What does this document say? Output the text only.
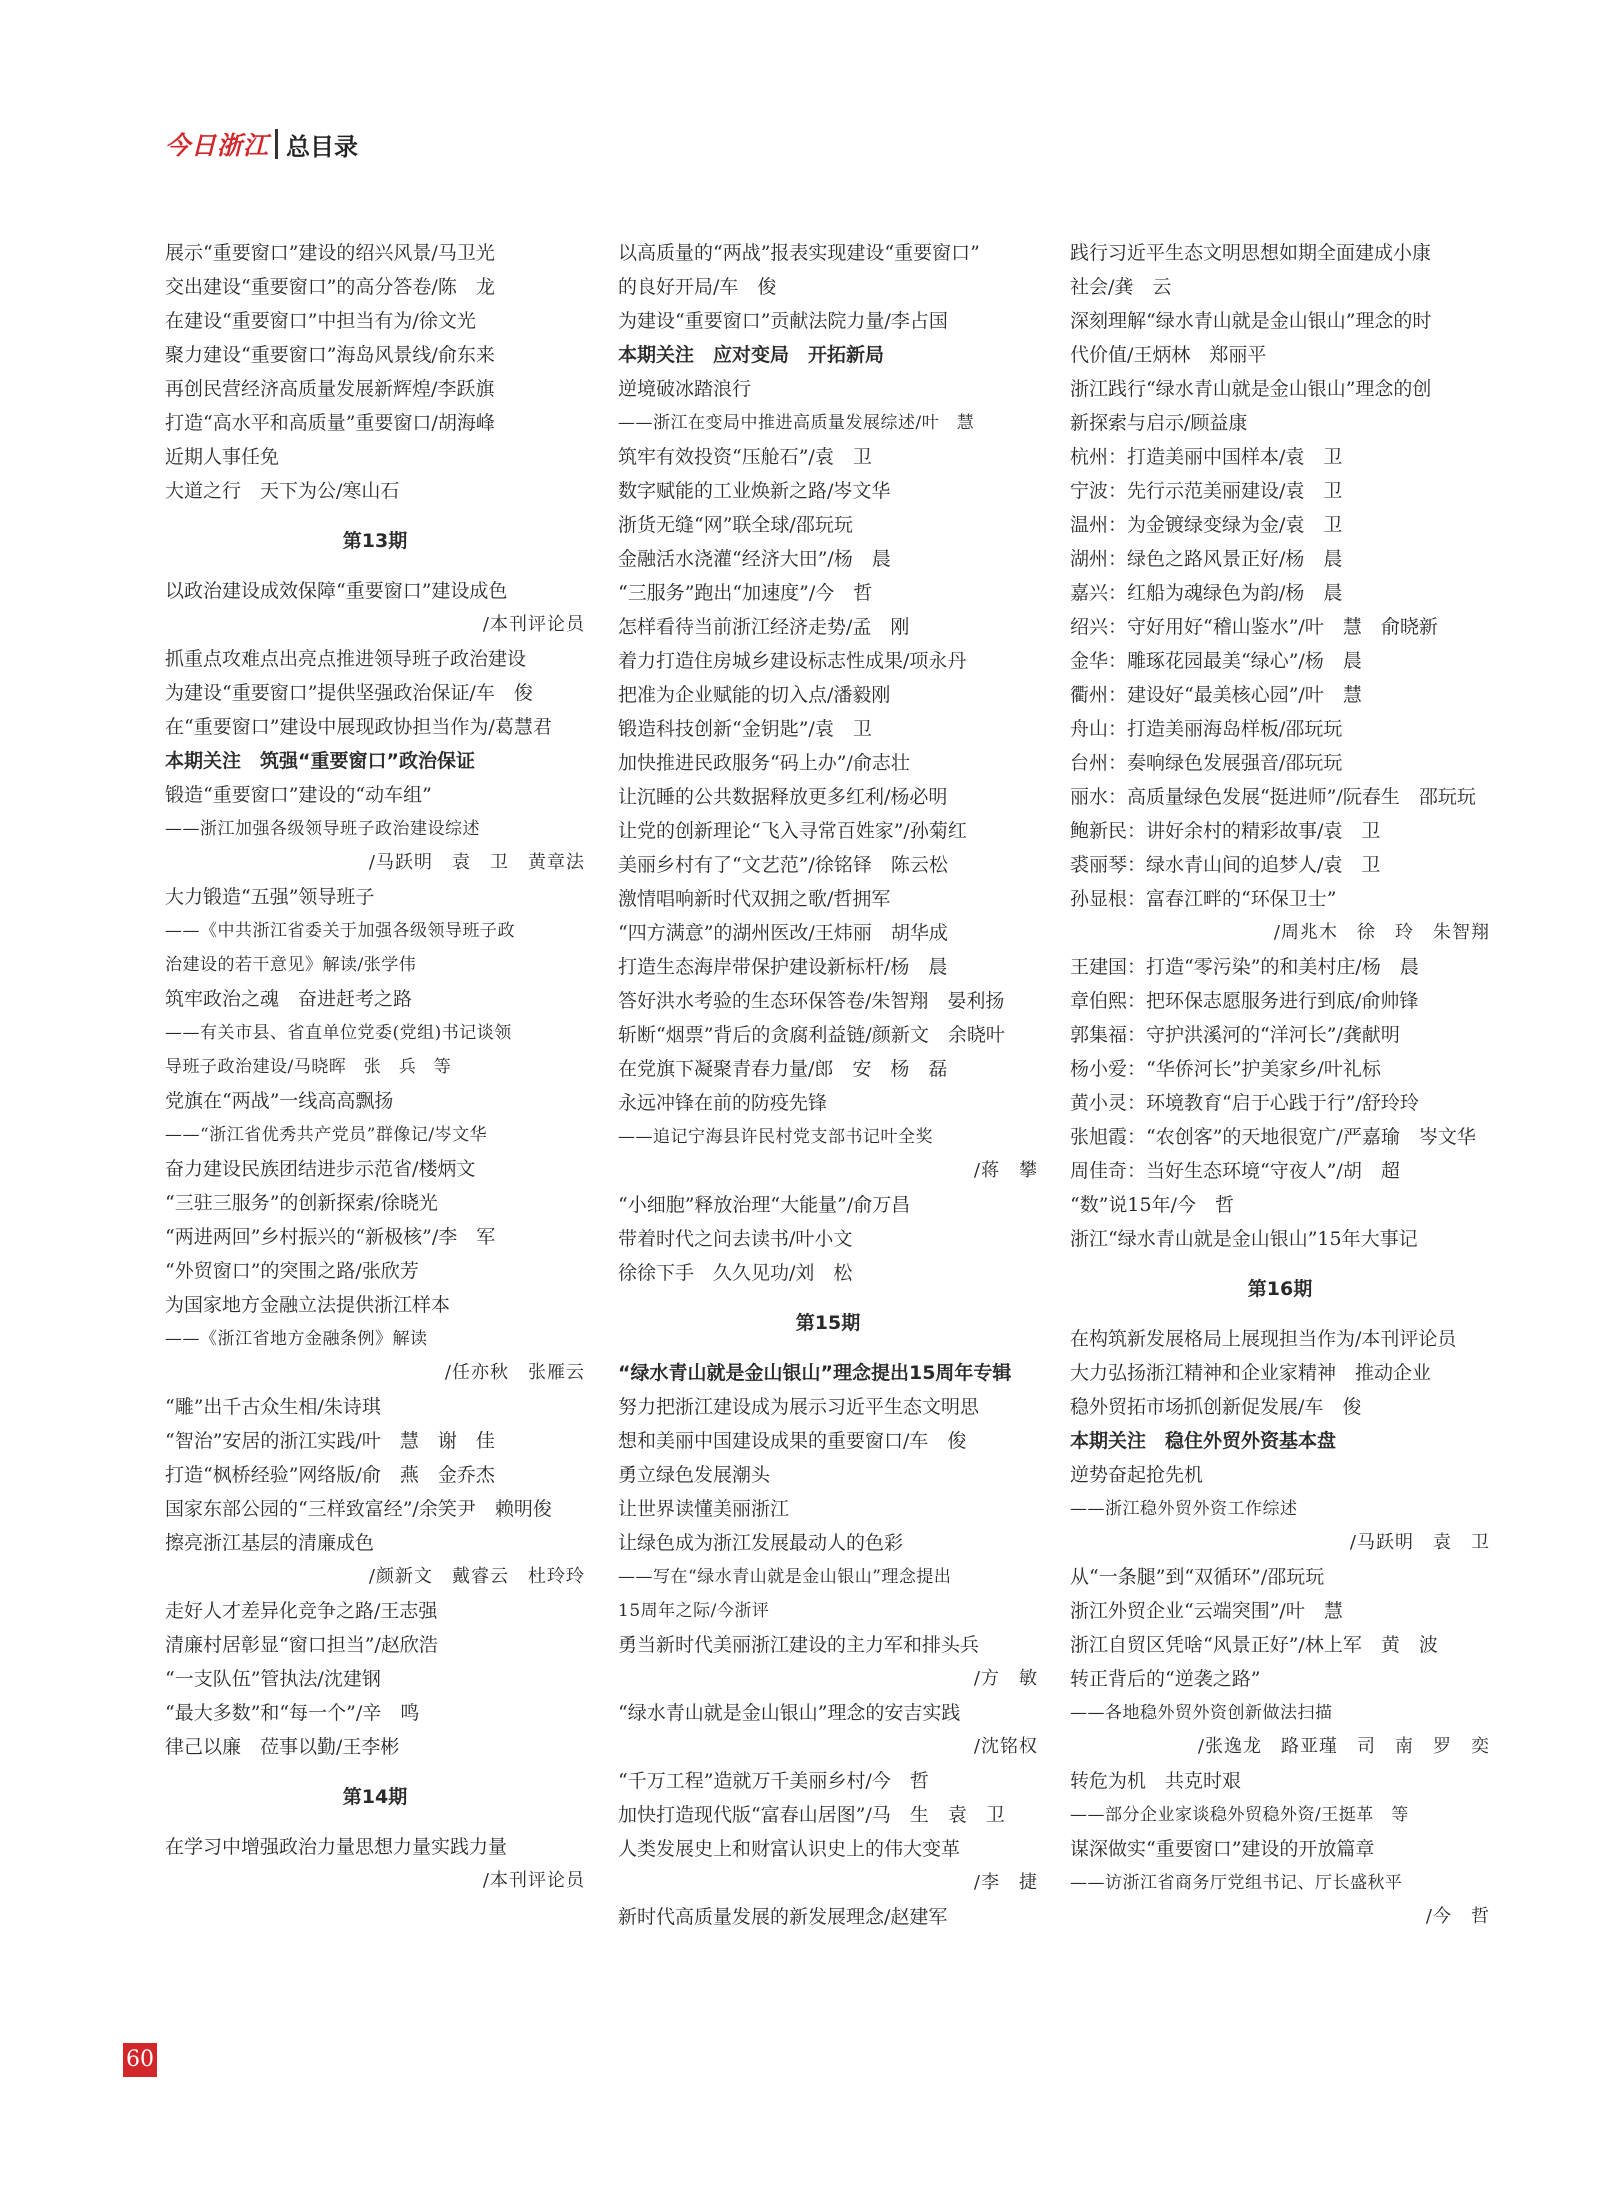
今日浙江 总目录
展示“重要窗口”建设的绍兴风景/马卫光
交出建设“重要窗口”的高分答卷/陈　龙
在建设“重要窗口”中担当有为/徐文光
聚力建设“重要窗口”海岛风景线/俞东来
再创民营经济高质量发展新辉煌/李跃旗
打造“高水平和高质量”重要窗口/胡海峰
近期人事任免
大道之行　天下为公/寒山石
第13期
以政治建设成效保障“重要窗口”建设成色
/本刊评论员
抓重点攻难点出亮点推进领导班子政治建设
为建设“重要窗口”提供坚强政治保证/车　俊
在“重要窗口”建设中展现政协担当作为/葛慧君
本期关注　筑强“重要窗口”政治保证
锻造“重要窗口”建设的“动车组”
——浙江加强各级领导班子政治建设综述
/马跃明　袁　卫　黄章法
大力锻造“五强”领导班子
——《中共浙江省委关于加强各级领导班子政
治建设的若干意见》解读/张学伟
筑牢政治之魂　奋进赶考之路
——有关市县、省直单位党委(党组)书记谈领
导班子政治建设/马晓晖　张　兵　等
党旗在“两战”一线高高飘扬
——“浙江省优秀共产党员”群像记/岑文华
奋力建设民族团结进步示范省/楼炳文
“三驻三服务”的创新探索/徐晓光
“两进两回”乡村振兴的“新极核”/李　军
“外贸窗口”的突围之路/张欣芳
为国家地方金融立法提供浙江样本
——《浙江省地方金融条例》解读
/任亦秋　张雁云
“雕”出千古众生相/朱诗琪
“智治”安居的浙江实践/叶　慧　谢　佳
打造“枫桥经验”网络版/俞　燕　金乔杰
国家东部公园的“三样致富经”/余笑尹　赖明俊
擦亮浙江基层的清廉成色
/颜新文　戴睿云　杜玲玲
走好人才差异化竞争之路/王志强
清廉村居彰显“窗口担当”/赵欣浩
“一支队伍”管执法/沈建钢
“最大多数”和“每一个”/辛　鸣
律己以廉　莅事以勤/王李彬
第14期
在学习中增强政治力量思想力量实践力量
/本刊评论员
以高质量的“两战”报表实现建设“重要窗口”
的良好开局/车　俊
为建设“重要窗口”贡献法院力量/李占国
本期关注　应对变局　开拓新局
逆境破冰踏浪行
——浙江在变局中推进高质量发展综述/叶　慧
筑牢有效投资“压舱石”/袁　卫
数字赋能的工业焕新之路/岑文华
浙货无缝“网”联全球/邵玩玩
金融活水浇灌“经济大田”/杨　晨
“三服务”跑出“加速度”/今　哲
怎样看待当前浙江经济走势/孟　刚
着力打造住房城乡建设标志性成果/项永丹
把准为企业赋能的切入点/潘毅刚
锻造科技创新“金钥匙”/袁　卫
加快推进民政服务“码上办”/俞志壮
让沉睡的公共数据释放更多红利/杨必明
让党的创新理论“飞入寻常百姓家”/孙菊红
美丽乡村有了“文艺范”/徐铭铎　陈云松
激情唱响新时代双拥之歌/哲拥军
“四方满意”的湖州医改/王炜丽　胡华成
打造生态海岸带保护建设新标杆/杨　晨
答好洪水考验的生态环保答卷/朱智翔　晏利扬
斩断“烟票”背后的贪腐利益链/颜新文　余晓叶
在党旗下凝聚青春力量/郎　安　杨　磊
永远冲锋在前的防疫先锋
——追记宁海县许民村党支部书记叶全奖
/蒋　攀
“小细胞”释放治理“大能量”/俞万昌
带着时代之问去读书/叶小文
徐徐下手　久久见功/刘　松
第15期
“绿水青山就是金山银山”理念提出15周年专辑
努力把浙江建设成为展示习近平生态文明思
想和美丽中国建设成果的重要窗口/车　俊
勇立绿色发展潮头
让世界读懂美丽浙江
让绿色成为浙江发展最动人的色彩
——写在“绿水青山就是金山银山”理念提出
15周年之际/今浙评
勇当新时代美丽浙江建设的主力军和排头兵
/方　敏
“绿水青山就是金山银山”理念的安吉实践
/沈铭权
“千万工程”造就万千美丽乡村/今　哲
加快打造现代版“富春山居图”/马　生　袁　卫
人类发展史上和财富认识史上的伟大变革
/李　捷
新时代高质量发展的新发展理念/赵建军
践行习近平生态文明思想如期全面建成小康
社会/龚　云
深刻理解“绿水青山就是金山银山”理念的时
代价值/王炳林　郑丽平
浙江践行“绿水青山就是金山银山”理念的创
新探索与启示/顾益康
杭州：打造美丽中国样本/袁　卫
宁波：先行示范美丽建设/袁　卫
温州：为金镀绿变绿为金/袁　卫
湖州：绿色之路风景正好/杨　晨
嘉兴：红船为魂绿色为韵/杨　晨
绍兴：守好用好“稽山鉴水”/叶　慧　俞晓新
金华：雕琢花园最美“绿心”/杨　晨
衢州：建设好“最美核心园”/叶　慧
舟山：打造美丽海岛样板/邵玩玩
台州：奏响绿色发展强音/邵玩玩
丽水：高质量绿色发展“挺进师”/阮春生　邵玩玩
鲍新民：讲好余村的精彩故事/袁　卫
裘丽琴：绿水青山间的追梦人/袁　卫
孙显根：富春江畔的“环保卫士”
/周兆木　徐　玲　朱智翔
王建国：打造“零污染”的和美村庄/杨　晨
章伯熙：把环保志愿服务进行到底/俞帅锋
郭集福：守护洪溪河的“洋河长”/龚献明
杨小爱：“华侨河长”护美家乡/叶礼标
黄小灵：环境教育“启于心践于行”/舒玲玲
张旭霞：“农创客”的天地很宽广/严嘉瑜　岑文华
周佳奇：当好生态环境“守夜人”/胡　超
“数”说15年/今　哲
浙江“绿水青山就是金山银山”15年大事记
第16期
在构筑新发展格局上展现担当作为/本刊评论员
大力弘扬浙江精神和企业家精神　推动企业
稳外贸拓市场抓创新促发展/车　俊
本期关注　稳住外贸外资基本盘
逆势奋起抢先机
——浙江稳外贸外资工作综述
/马跃明　袁　卫
从“一条腿”到“双循环”/邵玩玩
浙江外贸企业“云端突围”/叶　慧
浙江自贸区凭啥“风景正好”/林上军　黄　波
转正背后的“逆袭之路”
——各地稳外贸外资创新做法扫描
/张逸龙　路亚瑾　司　南　罗　奕
转危为机　共克时艰
——部分企业家谈稳外贸稳外资/王挺革　等
谋深做实“重要窗口”建设的开放篇章
——访浙江省商务厅党组书记、厅长盛秋平
/今　哲
60
